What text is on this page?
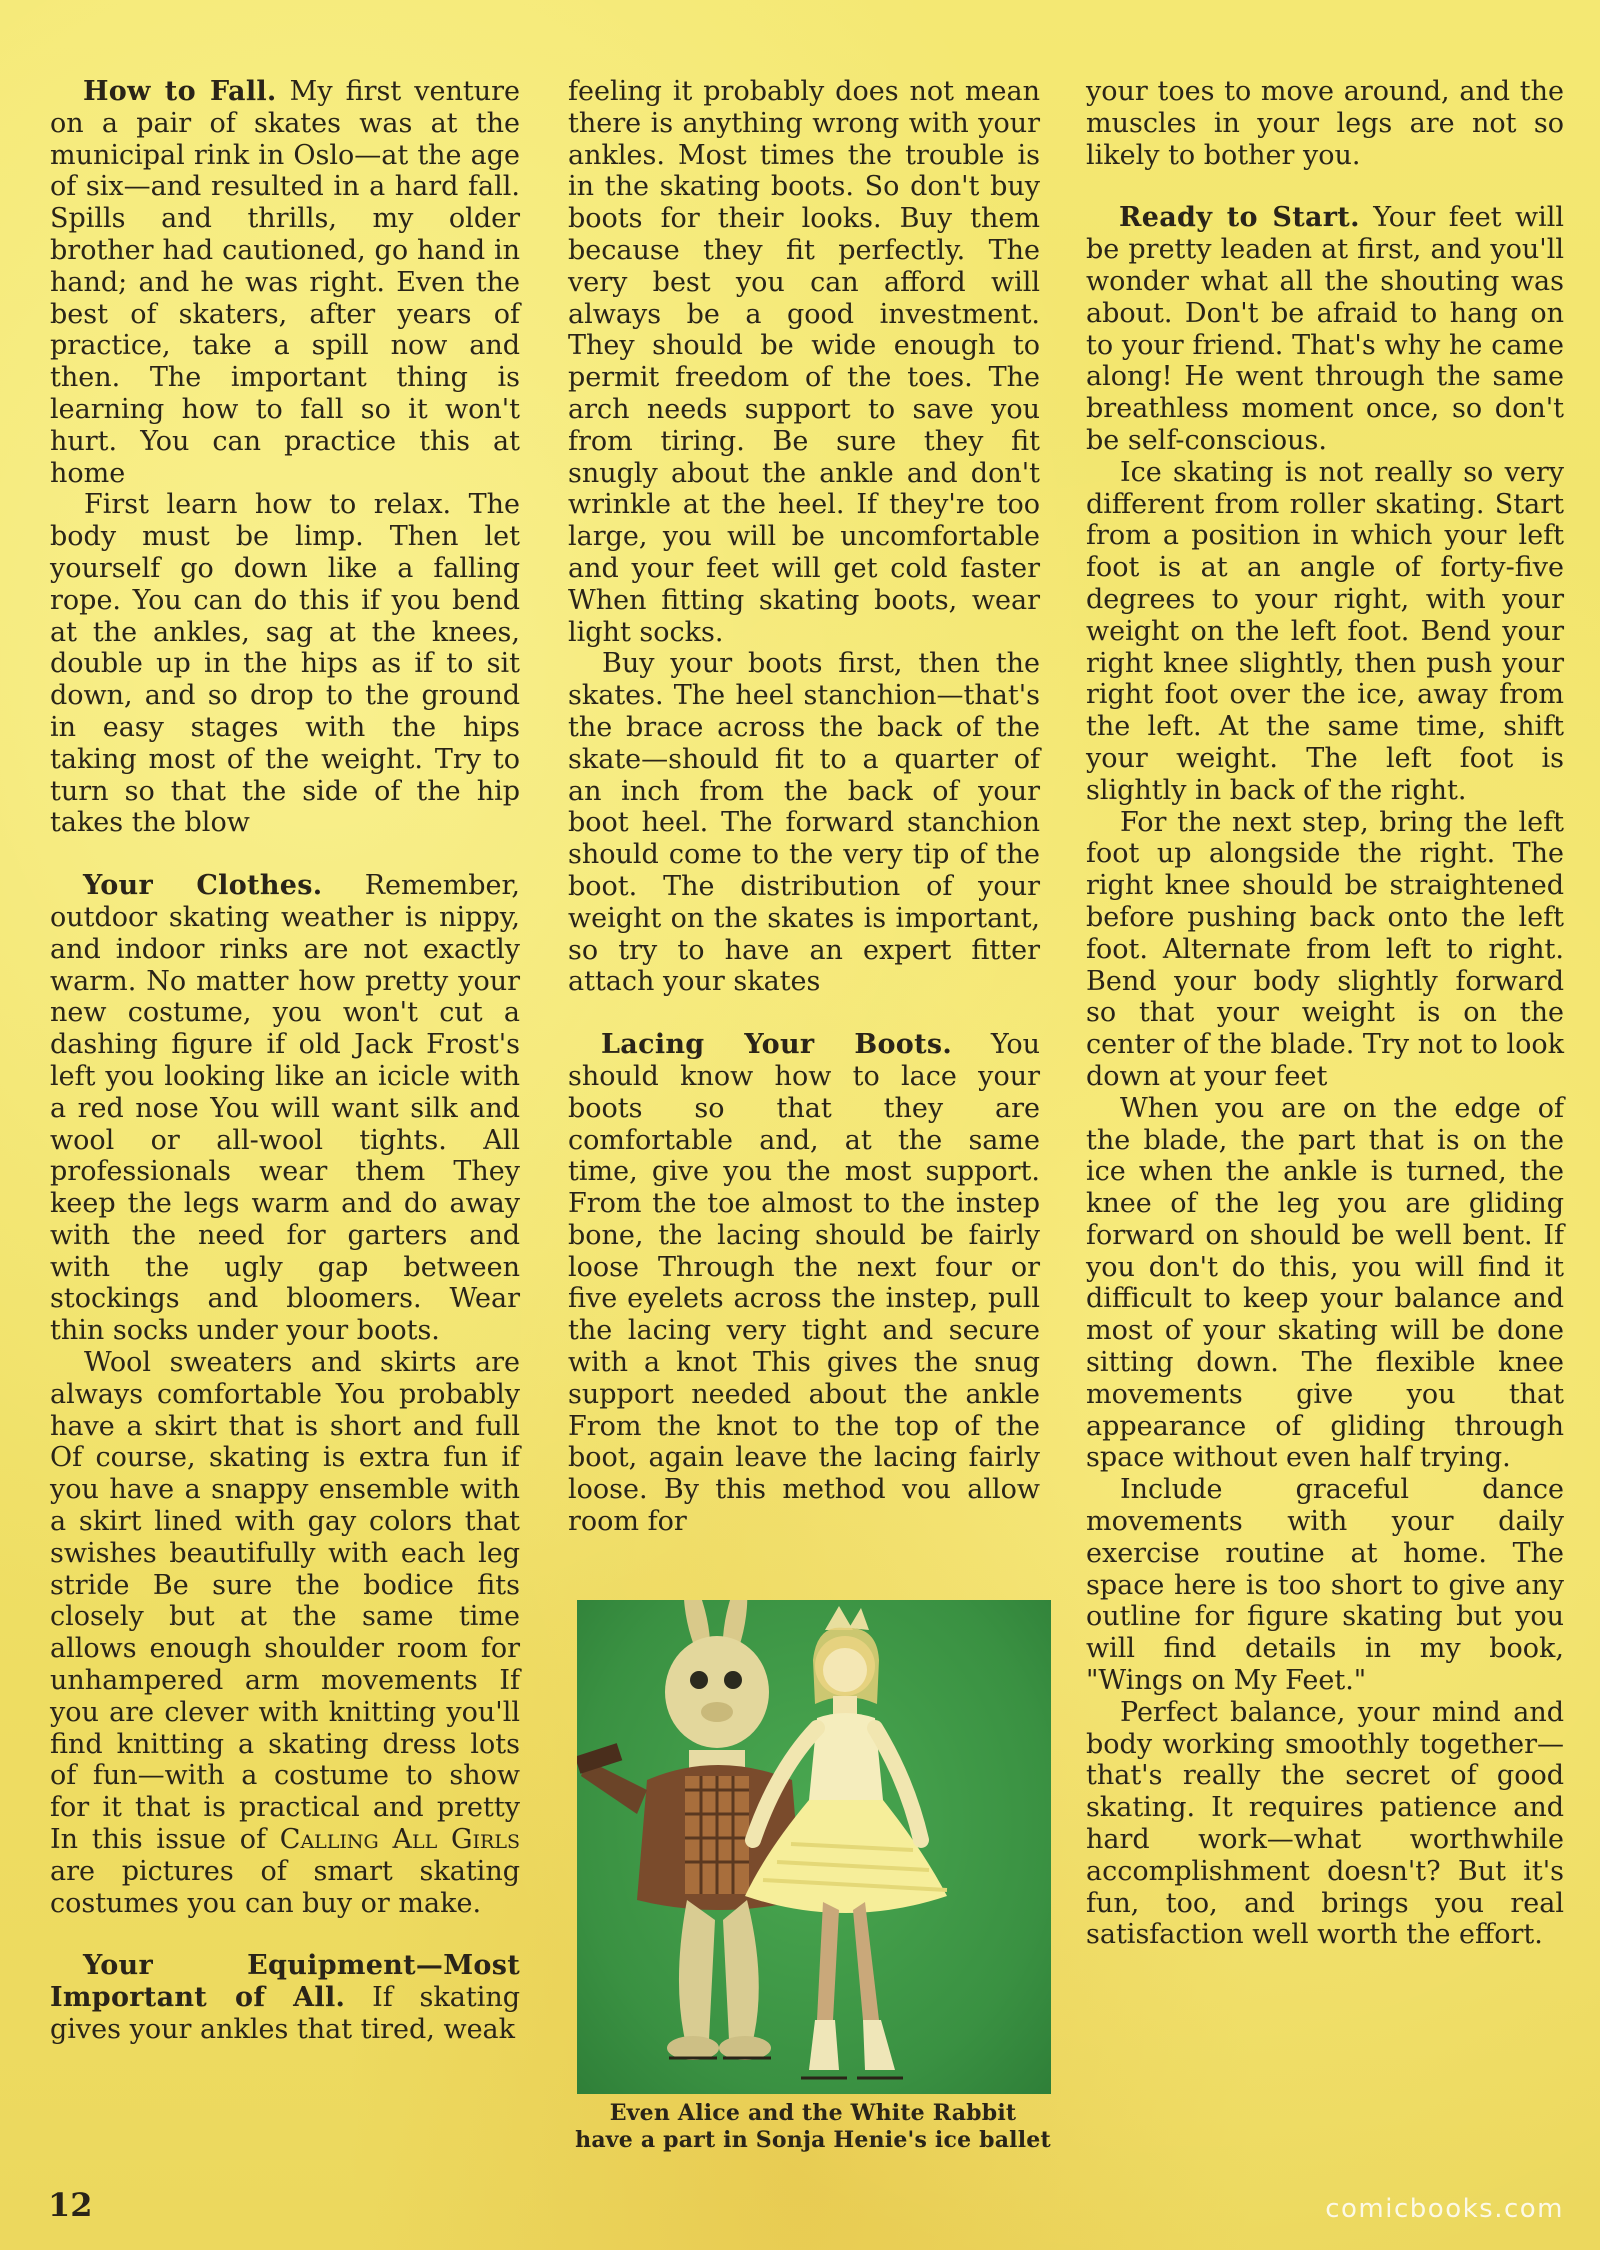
How to Fall. My first venture on a pair of skates was at the municipal rink in Oslo—at the age of six—and resulted in a hard fall. Spills and thrills, my older brother had cautioned, go hand in hand; and he was right. Even the best of skaters, after years of practice, take a spill now and then. The important thing is learning how to fall so it won't hurt. You can practice this at home

First learn how to relax. The body must be limp. Then let yourself go down like a falling rope. You can do this if you bend at the ankles, sag at the knees, double up in the hips as if to sit down, and so drop to the ground in easy stages with the hips taking most of the weight. Try to turn so that the side of the hip takes the blow

Your Clothes. Remember, outdoor skating weather is nippy, and indoor rinks are not exactly warm. No matter how pretty your new costume, you won't cut a dashing figure if old Jack Frost's left you looking like an icicle with a red nose You will want silk and wool or all-wool tights. All professionals wear them They keep the legs warm and do away with the need for garters and with the ugly gap between stockings and bloomers. Wear thin socks under your boots.

Wool sweaters and skirts are always comfortable You probably have a skirt that is short and full Of course, skating is extra fun if you have a snappy ensemble with a skirt lined with gay colors that swishes beautifully with each leg stride Be sure the bodice fits closely but at the same time allows enough shoulder room for unhampered arm movements If you are clever with knitting you'll find knitting a skating dress lots of fun—with a costume to show for it that is practical and pretty In this issue of Calling All Girls are pictures of smart skating costumes you can buy or make.

Your Equipment—Most Important of All. If skating gives your ankles that tired, weak

feeling it probably does not mean there is anything wrong with your ankles. Most times the trouble is in the skating boots. So don't buy boots for their looks. Buy them because they fit perfectly. The very best you can afford will always be a good investment. They should be wide enough to permit freedom of the toes. The arch needs support to save you from tiring. Be sure they fit snugly about the ankle and don't wrinkle at the heel. If they're too large, you will be uncomfortable and your feet will get cold faster When fitting skating boots, wear light socks.

Buy your boots first, then the skates. The heel stanchion—that's the brace across the back of the skate—should fit to a quarter of an inch from the back of your boot heel. The forward stanchion should come to the very tip of the boot. The distribution of your weight on the skates is important, so try to have an expert fitter attach your skates

Lacing Your Boots. You should know how to lace your boots so that they are comfortable and, at the same time, give you the most support. From the toe almost to the instep bone, the lacing should be fairly loose Through the next four or five eyelets across the instep, pull the lacing very tight and secure with a knot This gives the snug support needed about the ankle From the knot to the top of the boot, again leave the lacing fairly loose. By this method vou allow room for

your toes to move around, and the muscles in your legs are not so likely to bother you.

Ready to Start. Your feet will be pretty leaden at first, and you'll wonder what all the shouting was about. Don't be afraid to hang on to your friend. That's why he came along! He went through the same breathless moment once, so don't be self-conscious.

Ice skating is not really so very different from roller skating. Start from a position in which your left foot is at an angle of forty-five degrees to your right, with your weight on the left foot. Bend your right knee slightly, then push your right foot over the ice, away from the left. At the same time, shift your weight. The left foot is slightly in back of the right.

For the next step, bring the left foot up alongside the right. The right knee should be straightened before pushing back onto the left foot. Alternate from left to right. Bend your body slightly forward so that your weight is on the center of the blade. Try not to look down at your feet

When you are on the edge of the blade, the part that is on the ice when the ankle is turned, the knee of the leg you are gliding forward on should be well bent. If you don't do this, you will find it difficult to keep your balance and most of your skating will be done sitting down. The flexible knee movements give you that appearance of gliding through space without even half trying.

Include graceful dance movements with your daily exercise routine at home. The space here is too short to give any outline for figure skating but you will find details in my book, "Wings on My Feet."

Perfect balance, your mind and body working smoothly together—that's really the secret of good skating. It requires patience and hard work—what worthwhile accomplishment doesn't? But it's fun, too, and brings you real satisfaction well worth the effort.

Even Alice and the White Rabbit
have a part in Sonja Henie's ice ballet
12	comicbooks.com
